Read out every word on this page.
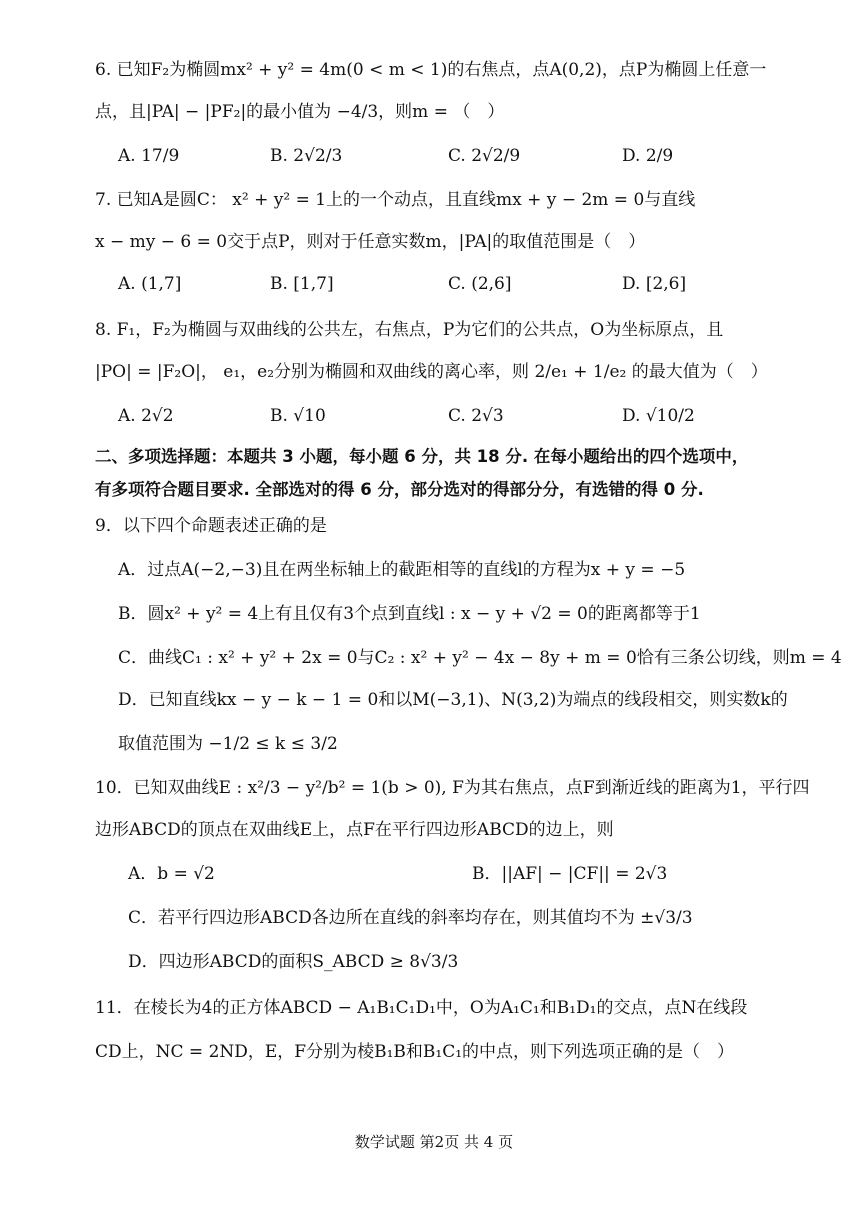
6. 已知F₂为椭圆mx² + y² = 4m(0 < m < 1)的右焦点，点A(0,2)，点P为椭圆上任意一
点，且|PA| − |PF₂|的最小值为 −4/3，则m = （　）
A. 17/9	B. 2√2/3	C. 2√2/9	D. 2/9
7. 已知A是圆C： x² + y² = 1上的一个动点，且直线mx + y − 2m = 0与直线
x − my − 6 = 0交于点P，则对于任意实数m，|PA|的取值范围是（　）
A. (1,7]	B. [1,7]	C. (2,6]	D. [2,6]
8. F₁，F₂为椭圆与双曲线的公共左，右焦点，P为它们的公共点，O为坐标原点，且
|PO| = |F₂O|， e₁，e₂分别为椭圆和双曲线的离心率，则 2/e₁ + 1/e₂ 的最大值为（　）
A. 2√2	B. √10	C. 2√3	D. √10/2
二、多项选择题：本题共 3 小题，每小题 6 分，共 18 分. 在每小题给出的四个选项中，
有多项符合题目要求. 全部选对的得 6 分，部分选对的得部分分，有选错的得 0 分.
9．以下四个命题表述正确的是
A．过点A(−2,−3)且在两坐标轴上的截距相等的直线l的方程为x + y = −5
B．圆x² + y² = 4上有且仅有3个点到直线l : x − y + √2 = 0的距离都等于1
C．曲线C₁ : x² + y² + 2x = 0与C₂ : x² + y² − 4x − 8y + m = 0恰有三条公切线，则m = 4
D．已知直线kx − y − k − 1 = 0和以M(−3,1)、N(3,2)为端点的线段相交，则实数k的
取值范围为 −1/2 ≤ k ≤ 3/2
10．已知双曲线E : x²/3 − y²/b² = 1(b > 0), F为其右焦点，点F到渐近线的距离为1，平行四
边形ABCD的顶点在双曲线E上，点F在平行四边形ABCD的边上，则
A．b = √2	B．||AF| − |CF|| = 2√3
C．若平行四边形ABCD各边所在直线的斜率均存在，则其值均不为 ±√3/3
D．四边形ABCD的面积S_ABCD ≥ 8√3/3
11．在棱长为4的正方体ABCD − A₁B₁C₁D₁中，O为A₁C₁和B₁D₁的交点，点N在线段
CD上，NC = 2ND，E，F分别为棱B₁B和B₁C₁的中点，则下列选项正确的是（　）
数学试题 第2页 共 4 页
